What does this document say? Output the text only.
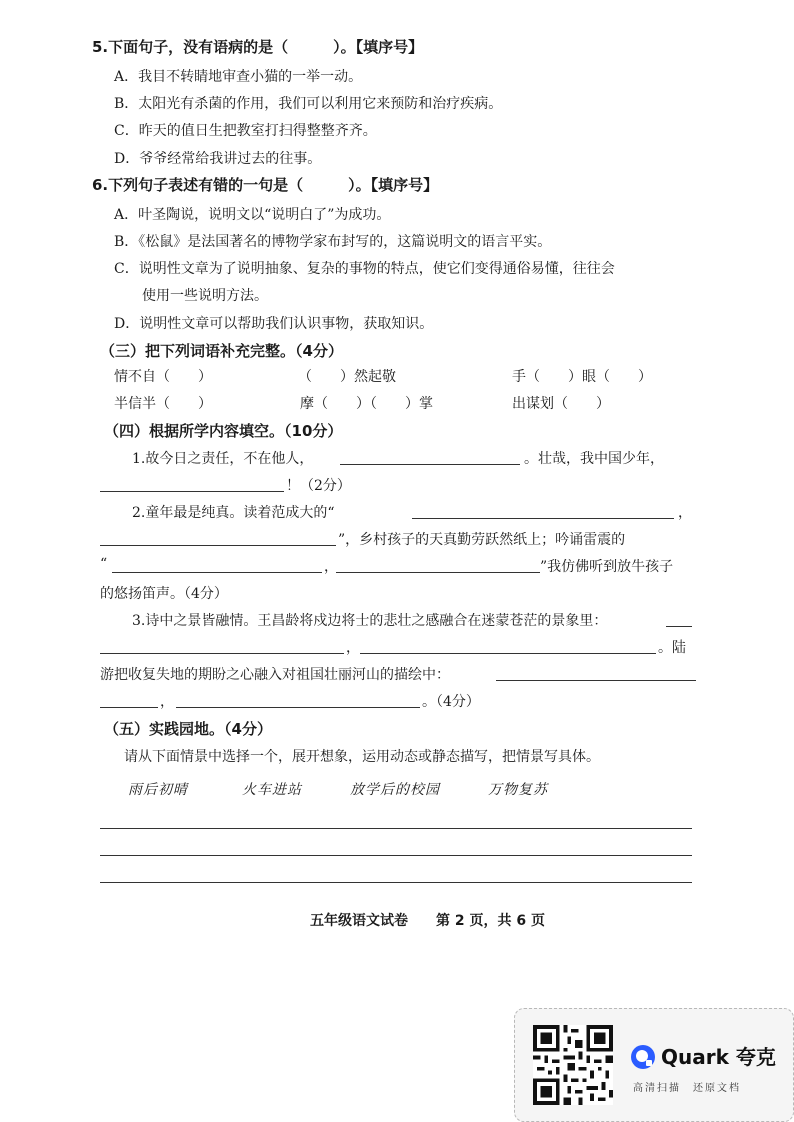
5.下面句子，没有语病的是（　　　）。【填序号】
A．我目不转睛地审查小猫的一举一动。
B．太阳光有杀菌的作用，我们可以利用它来预防和治疗疾病。
C．昨天的值日生把教室打扫得整整齐齐。
D．爷爷经常给我讲过去的往事。
6.下列句子表述有错的一句是（　　　）。【填序号】
A．叶圣陶说，说明文以“说明白了”为成功。
B．《松鼠》是法国著名的博物学家布封写的，这篇说明文的语言平实。
C．说明性文章为了说明抽象、复杂的事物的特点，使它们变得通俗易懂，往往会
使用一些说明方法。
D．说明性文章可以帮助我们认识事物，获取知识。
（三）把下列词语补充完整。（4分）
情不自（　　）	（　　）然起敬	手（　　）眼（　　）
半信半（　　）	摩（　　）（　　）掌	出谋划（　　）
（四）根据所学内容填空。（10分）
1.故今日之责任，不在他人，	。壮哉，我中国少年，
！（2分）
2.童年最是纯真。读着范成大的“	，
”，乡村孩子的天真勤劳跃然纸上；吟诵雷震的
“	，	”我仿佛听到放牛孩子
的悠扬笛声。（4分）
3.诗中之景皆融情。王昌龄将戍边将士的悲壮之感融合在迷蒙苍茫的景象里：
，	。陆
游把收复失地的期盼之心融入对祖国壮丽河山的描绘中：
，	。（4分）
（五）实践园地。（4分）
请从下面情景中选择一个，展开想象，运用动态或静态描写，把情景写具体。
雨后初晴	火车进站	放学后的校园	万物复苏
五年级语文试卷　　第 2 页，共 6 页
Quark 夸克
高清扫描　还原文档
